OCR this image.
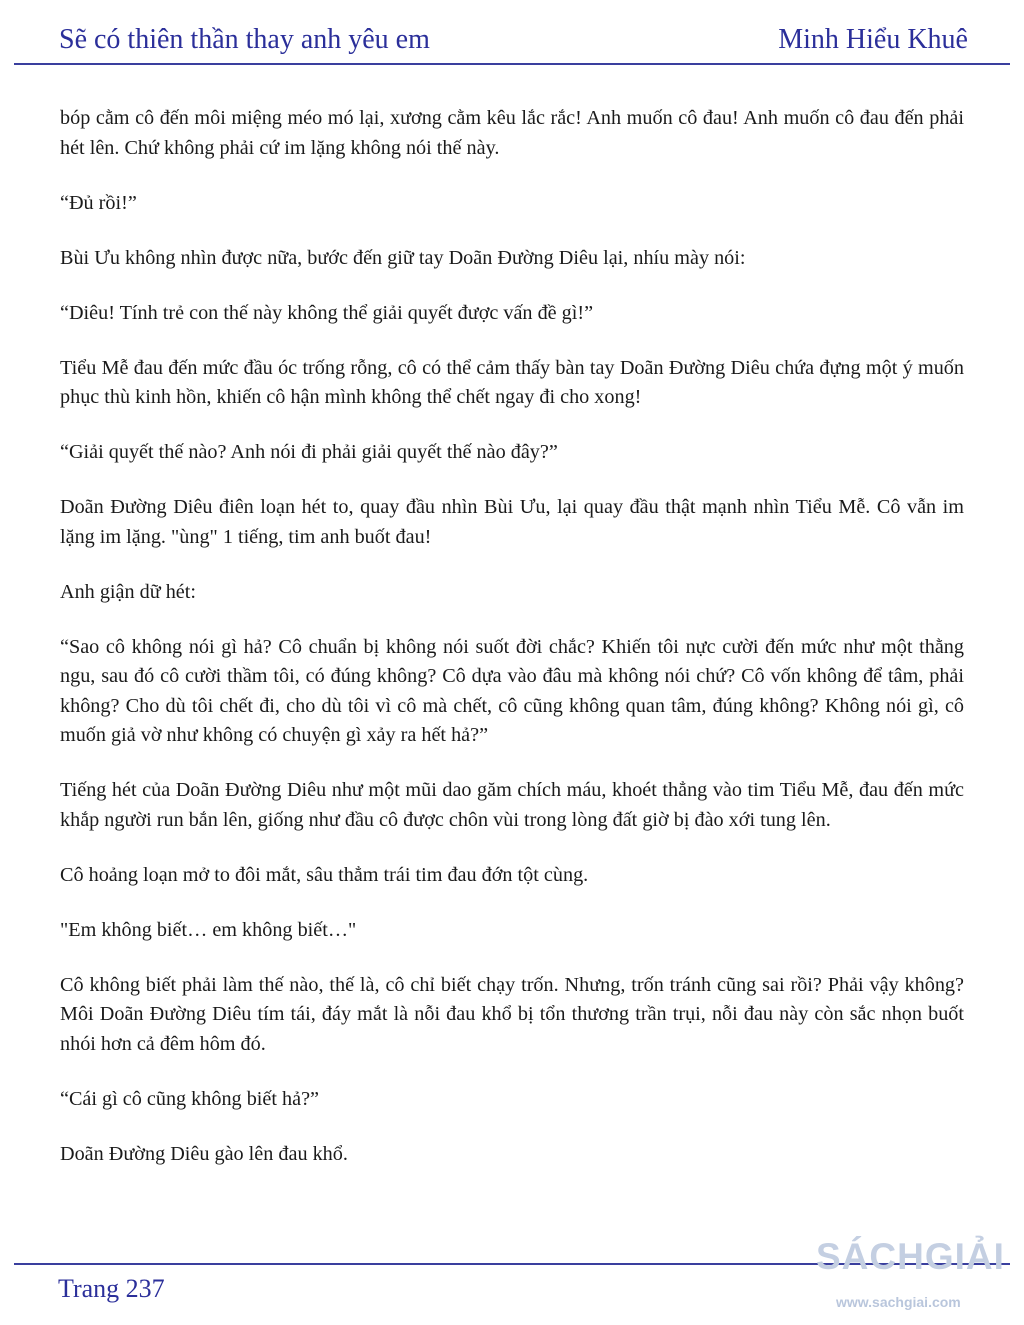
Sẽ có thiên thần thay anh yêu em	Minh Hiểu Khuê

bóp cằm cô đến môi miệng méo mó lại, xương cằm kêu lắc rắc! Anh muốn cô đau! Anh muốn cô đau đến phải hét lên. Chứ không phải cứ im lặng không nói thế này.

“Đủ rồi!”

Bùi Ưu không nhìn được nữa, bước đến giữ tay Doãn Đường Diêu lại, nhíu mày nói:

“Diêu! Tính trẻ con thế này không thể giải quyết được vấn đề gì!”

Tiểu Mễ đau đến mức đầu óc trống rỗng, cô có thể cảm thấy bàn tay Doãn Đường Diêu chứa đựng một ý muốn phục thù kinh hồn, khiến cô hận mình không thể chết ngay đi cho xong!

“Giải quyết thế nào? Anh nói đi phải giải quyết thế nào đây?”

Doãn Đường Diêu điên loạn hét to, quay đầu nhìn Bùi Ưu, lại quay đầu thật mạnh nhìn Tiểu Mễ. Cô vẫn im lặng im lặng. "ùng" 1 tiếng, tim anh buốt đau!

Anh giận dữ hét:

“Sao cô không nói gì hả? Cô chuẩn bị không nói suốt đời chắc? Khiến tôi nực cười đến mức như một thằng ngu, sau đó cô cười thầm tôi, có đúng không? Cô dựa vào đâu mà không nói chứ? Cô vốn không để tâm, phải không? Cho dù tôi chết đi, cho dù tôi vì cô mà chết, cô cũng không quan tâm, đúng không? Không nói gì, cô muốn giả vờ như không có chuyện gì xảy ra hết hả?”

Tiếng hét của Doãn Đường Diêu như một mũi dao găm chích máu, khoét thẳng vào tim Tiểu Mễ, đau đến mức khắp người run bắn lên, giống như đầu cô được chôn vùi trong lòng đất giờ bị đào xới tung lên.

Cô hoảng loạn mở to đôi mắt, sâu thẳm trái tim đau đớn tột cùng.

"Em không biết… em không biết…"

Cô không biết phải làm thế nào, thế là, cô chỉ biết chạy trốn. Nhưng, trốn tránh cũng sai rồi? Phải vậy không? Môi Doãn Đường Diêu tím tái, đáy mắt là nỗi đau khổ bị tổn thương trần trụi, nỗi đau này còn sắc nhọn buốt nhói hơn cả đêm hôm đó.

“Cái gì cô cũng không biết hả?”

Doãn Đường Diêu gào lên đau khổ.

Trang 237
SÁCHGIẢI
www.sachgiai.com
